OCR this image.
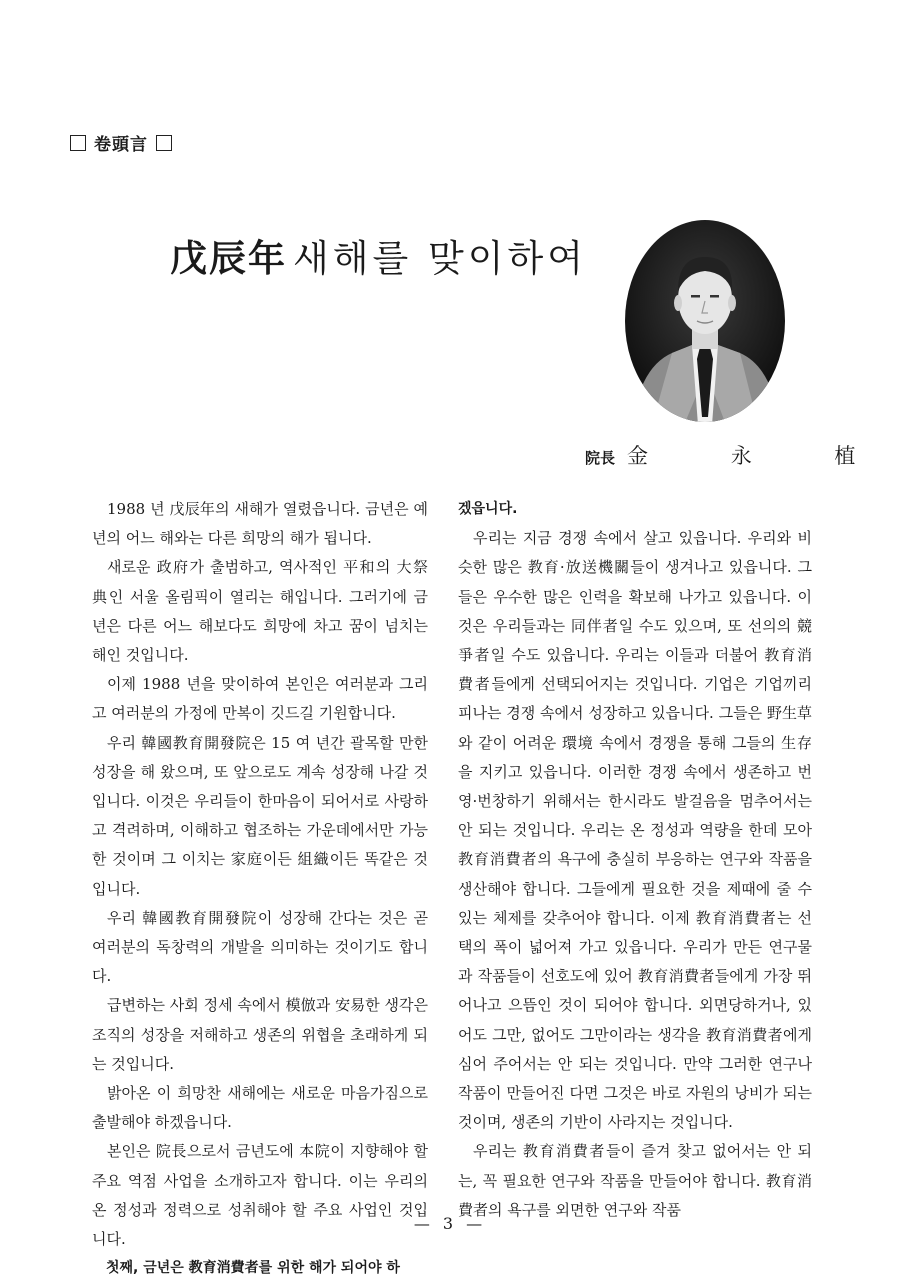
卷頭言
戊辰年 새해를 맞이하여
院長 金 永 植

1988 년 戊辰年의 새해가 열렸읍니다. 금년은 예년의 어느 해와는 다른 희망의 해가 됩니다.

새로운 政府가 출범하고, 역사적인 平和의 大祭典인 서울 올림픽이 열리는 해입니다. 그러기에 금년은 다른 어느 해보다도 희망에 차고 꿈이 넘치는 해인 것입니다.

이제 1988 년을 맞이하여 본인은 여러분과 그리고 여러분의 가정에 만복이 깃드길 기원합니다.

우리 韓國教育開發院은 15 여 년간 괄목할 만한 성장을 해 왔으며, 또 앞으로도 계속 성장해 나갈 것입니다. 이것은 우리들이 한마음이 되어서로 사랑하고 격려하며, 이해하고 협조하는 가운데에서만 가능한 것이며 그 이치는 家庭이든 組織이든 똑같은 것입니다.

우리 韓國教育開發院이 성장해 간다는 것은 곧 여러분의 독창력의 개발을 의미하는 것이기도 합니다.

급변하는 사회 정세 속에서 模倣과 安易한 생각은 조직의 성장을 저해하고 생존의 위협을 초래하게 되는 것입니다.

밝아온 이 희망찬 새해에는 새로운 마음가짐으로 출발해야 하겠읍니다.

본인은 院長으로서 금년도에 本院이 지향해야 할 주요 역점 사업을 소개하고자 합니다. 이는 우리의 온 정성과 정력으로 성취해야 할 주요 사업인 것입니다.

첫째, 금년은 教育消費者를 위한 해가 되어야 하

겠읍니다.

우리는 지금 경쟁 속에서 살고 있읍니다. 우리와 비슷한 많은 教育·放送機關들이 생겨나고 있읍니다. 그들은 우수한 많은 인력을 확보해 나가고 있읍니다. 이것은 우리들과는 同伴者일 수도 있으며, 또 선의의 競爭者일 수도 있읍니다. 우리는 이들과 더불어 教育消費者들에게 선택되어지는 것입니다. 기업은 기업끼리 피나는 경쟁 속에서 성장하고 있읍니다. 그들은 野生草와 같이 어려운 環境 속에서 경쟁을 통해 그들의 生存을 지키고 있읍니다. 이러한 경쟁 속에서 생존하고 번영·번창하기 위해서는 한시라도 발걸음을 멈추어서는 안 되는 것입니다. 우리는 온 정성과 역량을 한데 모아 教育消費者의 욕구에 충실히 부응하는 연구와 작품을 생산해야 합니다. 그들에게 필요한 것을 제때에 줄 수 있는 체제를 갖추어야 합니다. 이제 教育消費者는 선택의 폭이 넓어져 가고 있읍니다. 우리가 만든 연구물과 작품들이 선호도에 있어 教育消費者들에게 가장 뛰어나고 으뜸인 것이 되어야 합니다. 외면당하거나, 있어도 그만, 없어도 그만이라는 생각을 教育消費者에게 심어 주어서는 안 되는 것입니다. 만약 그러한 연구나 작품이 만들어진 다면 그것은 바로 자원의 낭비가 되는 것이며, 생존의 기반이 사라지는 것입니다.

우리는 教育消費者들이 즐겨 찾고 없어서는 안 되는, 꼭 필요한 연구와 작품을 만들어야 합니다. 教育消費者의 욕구를 외면한 연구와 작품

— 3 —
